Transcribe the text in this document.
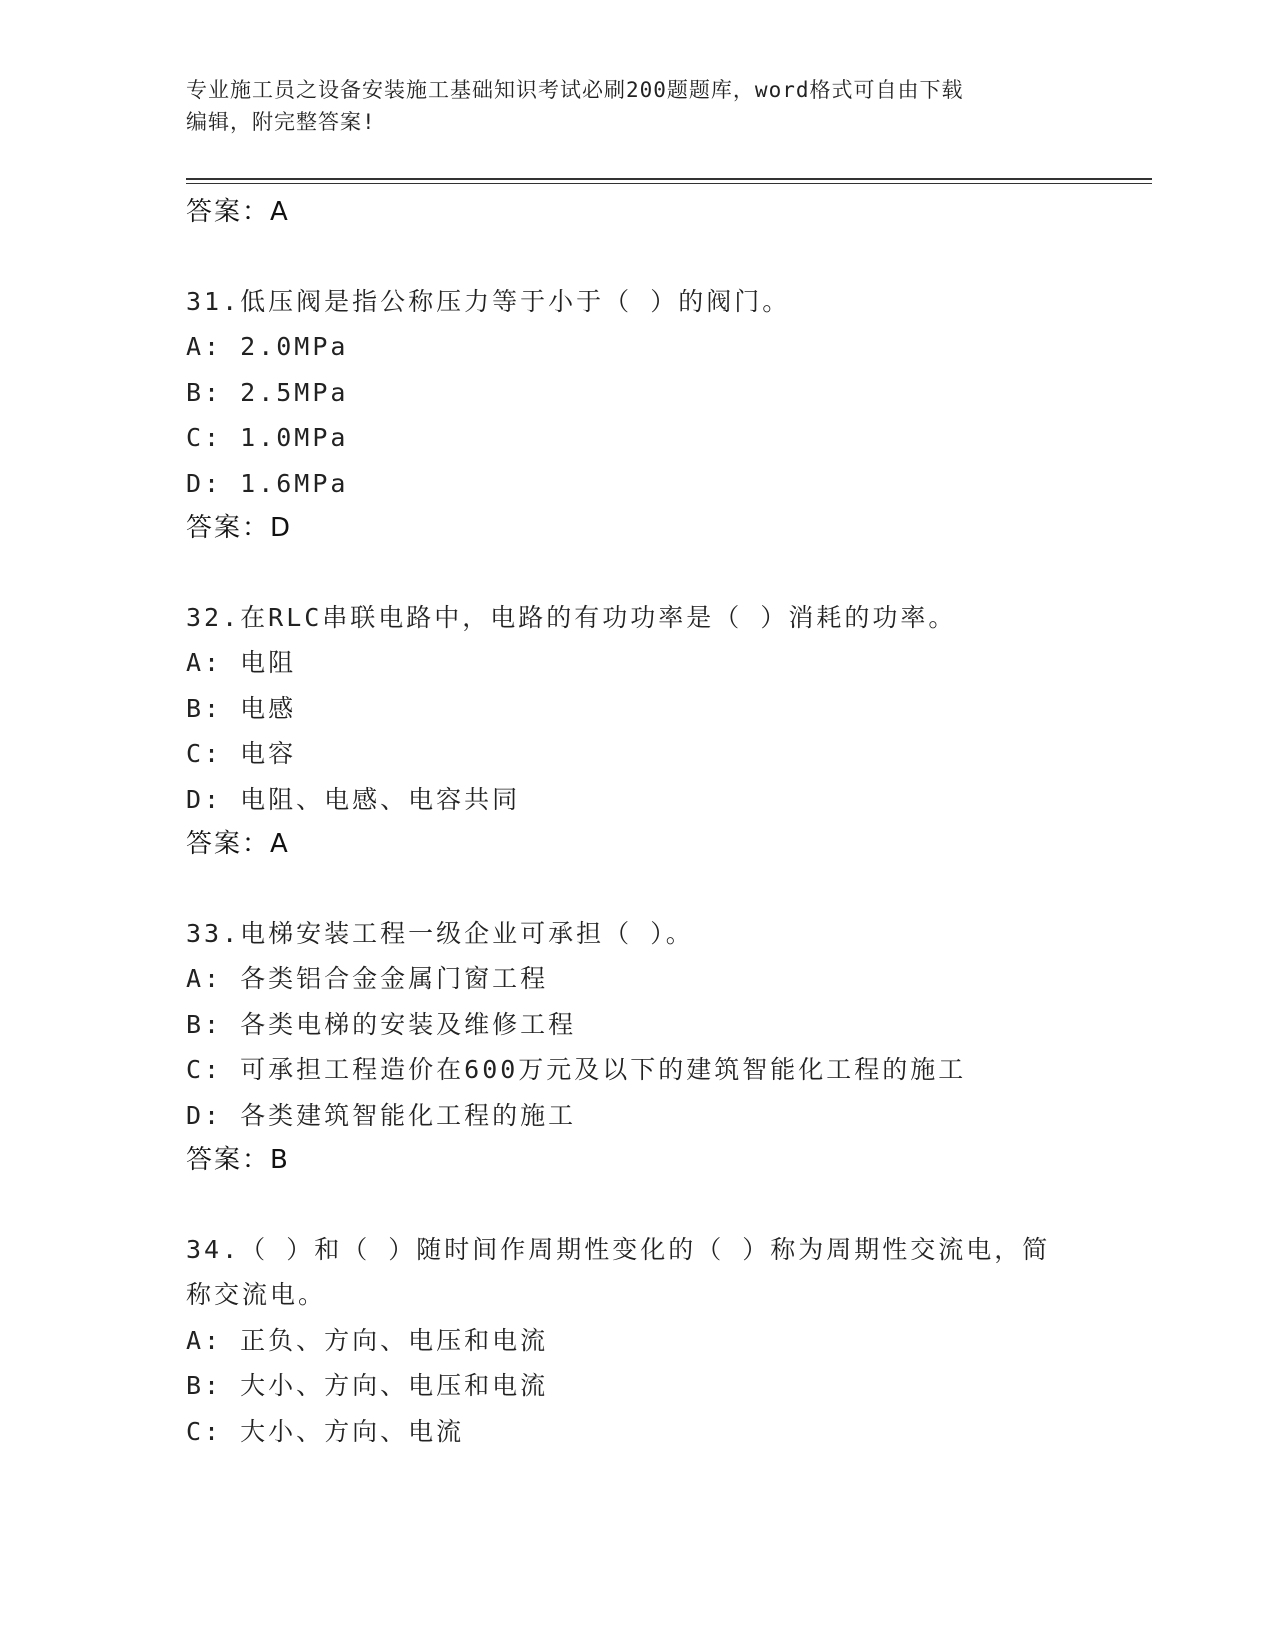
专业施工员之设备安装施工基础知识考试必刷200题题库，word格式可自由下载
编辑，附完整答案!
答案：A
31.低压阀是指公称压力等于小于（ ）的阀门。
A: 2.0MPa
B: 2.5MPa
C: 1.0MPa
D: 1.6MPa
答案：D
32.在RLC串联电路中，电路的有功功率是（ ）消耗的功率。
A: 电阻
B: 电感
C: 电容
D: 电阻、电感、电容共同
答案：A
33.电梯安装工程一级企业可承担（ ）。
A: 各类铝合金金属门窗工程
B: 各类电梯的安装及维修工程
C: 可承担工程造价在600万元及以下的建筑智能化工程的施工
D: 各类建筑智能化工程的施工
答案：B
34.（ ）和（ ）随时间作周期性变化的（ ）称为周期性交流电，简
称交流电。
A: 正负、方向、电压和电流
B: 大小、方向、电压和电流
C: 大小、方向、电流
